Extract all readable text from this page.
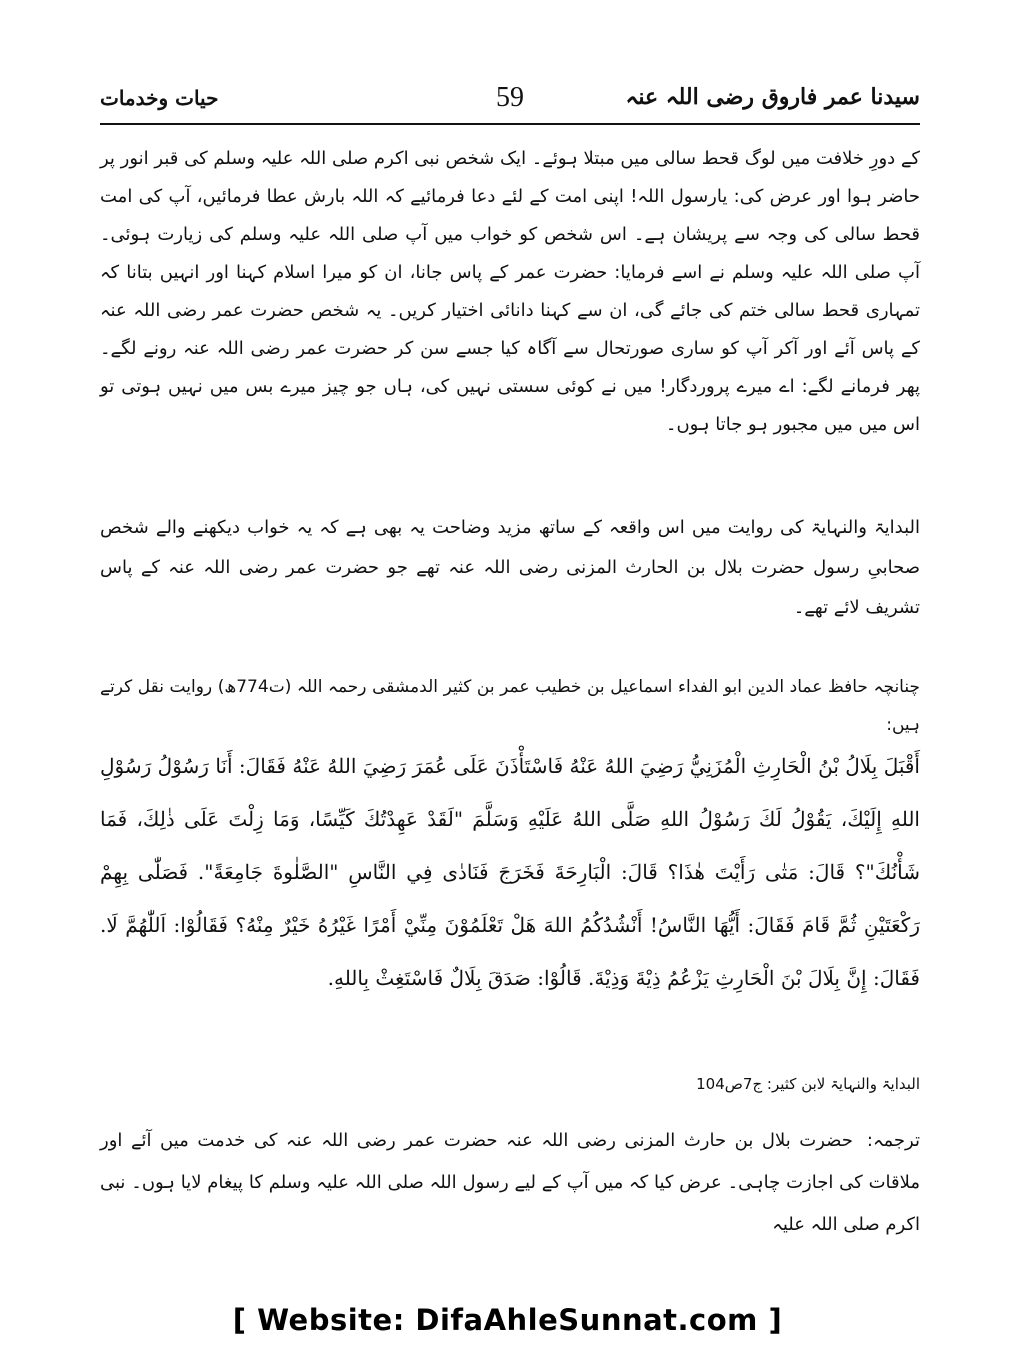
سیدنا عمر فاروق رضی اللہ عنہ
59
حیات وخدمات
کے دورِ خلافت میں لوگ قحط سالی میں مبتلا ہوئے۔ ایک شخص نبی اکرم صلی اللہ علیہ وسلم کی قبر انور پر حاضر ہوا اور عرض کی: یارسول اللہ! اپنی امت کے لئے دعا فرمائیے کہ اللہ بارش عطا فرمائیں، آپ کی امت قحط سالی کی وجہ سے پریشان ہے۔ اس شخص کو خواب میں آپ صلی اللہ علیہ وسلم کی زیارت ہوئی۔ آپ صلی اللہ علیہ وسلم نے اسے فرمایا: حضرت عمر کے پاس جانا، ان کو میرا اسلام کہنا اور انہیں بتانا کہ تمہاری قحط سالی ختم کی جائے گی، ان سے کہنا دانائی اختیار کریں۔ یہ شخص حضرت عمر رضی اللہ عنہ کے پاس آئے اور آکر آپ کو ساری صورتحال سے آگاہ کیا جسے سن کر حضرت عمر رضی اللہ عنہ رونے لگے۔ پھر فرمانے لگے: اے میرے پروردگار! میں نے کوئی سستی نہیں کی، ہاں جو چیز میرے بس میں نہیں ہوتی تو اس میں میں مجبور ہو جاتا ہوں۔
البدایۃ والنہایۃ کی روایت میں اس واقعہ کے ساتھ مزید وضاحت یہ بھی ہے کہ یہ خواب دیکھنے والے شخص صحابیِ رسول حضرت بلال بن الحارث المزنی رضی اللہ عنہ تھے جو حضرت عمر رضی اللہ عنہ کے پاس تشریف لائے تھے۔
چنانچہ حافظ عماد الدین ابو الفداء اسماعیل بن خطیب عمر بن کثیر الدمشقی رحمہ اللہ (ت774ھ) روایت نقل کرتے ہیں:
أَقْبَلَ بِلَالُ بْنُ الْحَارِثِ الْمُزَنِيُّ رَضِيَ اللهُ عَنْهُ فَاسْتَأْذَنَ عَلَى عُمَرَ رَضِيَ اللهُ عَنْهُ فَقَالَ: أَنَا رَسُوْلُ رَسُوْلِ اللهِ إِلَيْكَ، يَقُوْلُ لَكَ رَسُوْلُ اللهِ صَلَّى اللهُ عَلَيْهِ وَسَلَّمَ "لَقَدْ عَهِدْتُكَ كَيِّسًا، وَمَا زِلْتَ عَلَى ذٰلِكَ، فَمَا شَأْنُكَ"؟ قَالَ: مَتٰى رَأَيْتَ هٰذَا؟ قَالَ: الْبَارِحَةَ فَخَرَجَ فَنَادٰى فِي النَّاسِ "الصَّلٰوةَ جَامِعَةً". فَصَلّٰى بِهِمْ رَكْعَتَيْنِ ثُمَّ قَامَ فَقَالَ: أَيُّهَا النَّاسُ! أَنْشُدُكُمُ اللهَ هَلْ تَعْلَمُوْنَ مِنِّيْ أَمْرًا غَيْرُهُ خَيْرٌ مِنْهُ؟ فَقَالُوْا: اَللّٰهُمَّ لَا. فَقَالَ: إِنَّ بِلَالَ بْنَ الْحَارِثِ يَزْعُمُ ذِيْةَ وَذِيْةَ. قَالُوْا: صَدَقَ بِلَالٌ فَاسْتَغِثْ بِاللهِ.
البدایۃ والنہایۃ لابن کثیر: ج7ص104
ترجمہ:حضرت بلال بن حارث المزنی رضی اللہ عنہ حضرت عمر رضی اللہ عنہ کی خدمت میں آئے اور ملاقات کی اجازت چاہی۔ عرض کیا کہ میں آپ کے لیے رسول اللہ صلی اللہ علیہ وسلم کا پیغام لایا ہوں۔ نبی اکرم صلی اللہ علیہ
[ Website: DifaAhleSunnat.com ]
